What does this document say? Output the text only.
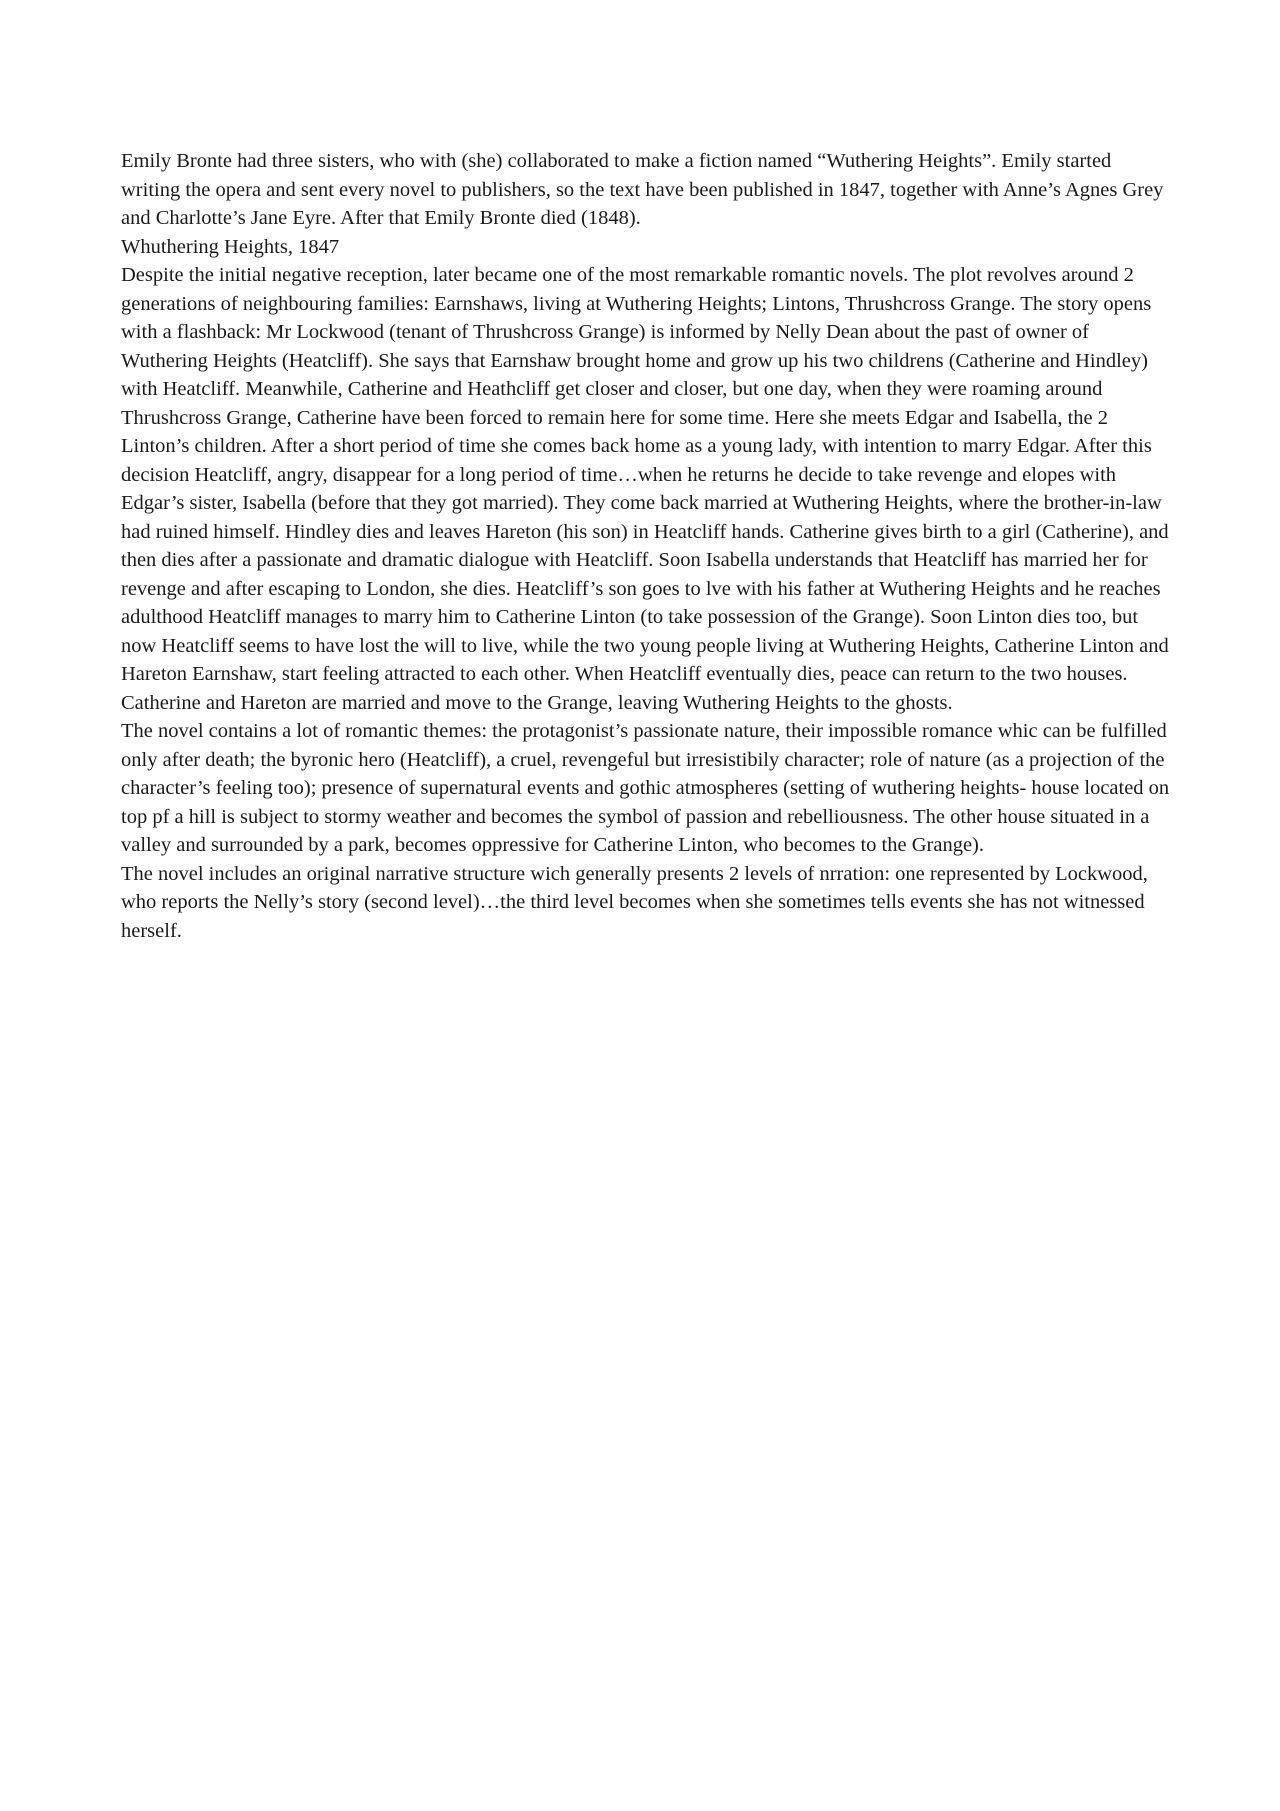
Emily Bronte had three sisters, who with (she) collaborated to make a fiction named “Wuthering Heights”. Emily started writing the opera and sent every novel to publishers, so the text have been published in 1847, together with Anne’s Agnes Grey and Charlotte’s Jane Eyre. After that Emily Bronte died (1848).

Whuthering Heights, 1847

Despite the initial negative reception, later became one of the most remarkable romantic novels. The plot revolves around 2 generations of neighbouring families: Earnshaws, living at Wuthering Heights; Lintons, Thrushcross Grange. The story opens with a flashback: Mr Lockwood (tenant of Thrushcross Grange) is informed by Nelly Dean about the past of owner of Wuthering Heights (Heatcliff). She says that Earnshaw brought home and grow up his two childrens (Catherine and Hindley) with Heatcliff. Meanwhile, Catherine and Heathcliff get closer and closer, but one day, when they were roaming around Thrushcross Grange, Catherine have been forced to remain here for some time. Here she meets Edgar and Isabella, the 2 Linton’s children. After a short period of time she comes back home as a young lady, with intention to marry Edgar. After this decision Heatcliff, angry, disappear for a long period of time…when he returns he decide to take revenge and elopes with Edgar’s sister, Isabella (before that they got married). They come back married at Wuthering Heights, where the brother-in-law had ruined himself. Hindley dies and leaves Hareton (his son) in Heatcliff hands. Catherine gives birth to a girl (Catherine), and then dies after a passionate and dramatic dialogue with Heatcliff. Soon Isabella understands that Heatcliff has married her for revenge and after escaping to London, she dies. Heatcliff’s son goes to lve with his father at Wuthering Heights and he reaches adulthood Heatcliff manages to marry him to Catherine Linton (to take possession of the Grange). Soon Linton dies too, but now Heatcliff seems to have lost the will to live, while the two young people living at Wuthering Heights, Catherine Linton and Hareton Earnshaw, start feeling attracted to each other. When Heatcliff eventually dies, peace can return to the two houses. Catherine and Hareton are married and move to the Grange, leaving Wuthering Heights to the ghosts.

The novel contains a lot of romantic themes: the protagonist’s passionate nature, their impossible romance whic can be fulfilled only after death; the byronic hero (Heatcliff), a cruel, revengeful but irresistibily character; role of nature (as a projection of the character’s feeling too); presence of supernatural events and gothic atmospheres (setting of wuthering heights- house located on top pf a hill is subject to stormy weather and becomes the symbol of passion and rebelliousness. The other house situated in a valley and surrounded by a park, becomes oppressive for Catherine Linton, who becomes to the Grange).

The novel includes an original narrative structure wich generally presents 2 levels of nrration: one represented by Lockwood, who reports the Nelly’s story (second level)…the third level becomes when she sometimes tells events she has not witnessed herself.
